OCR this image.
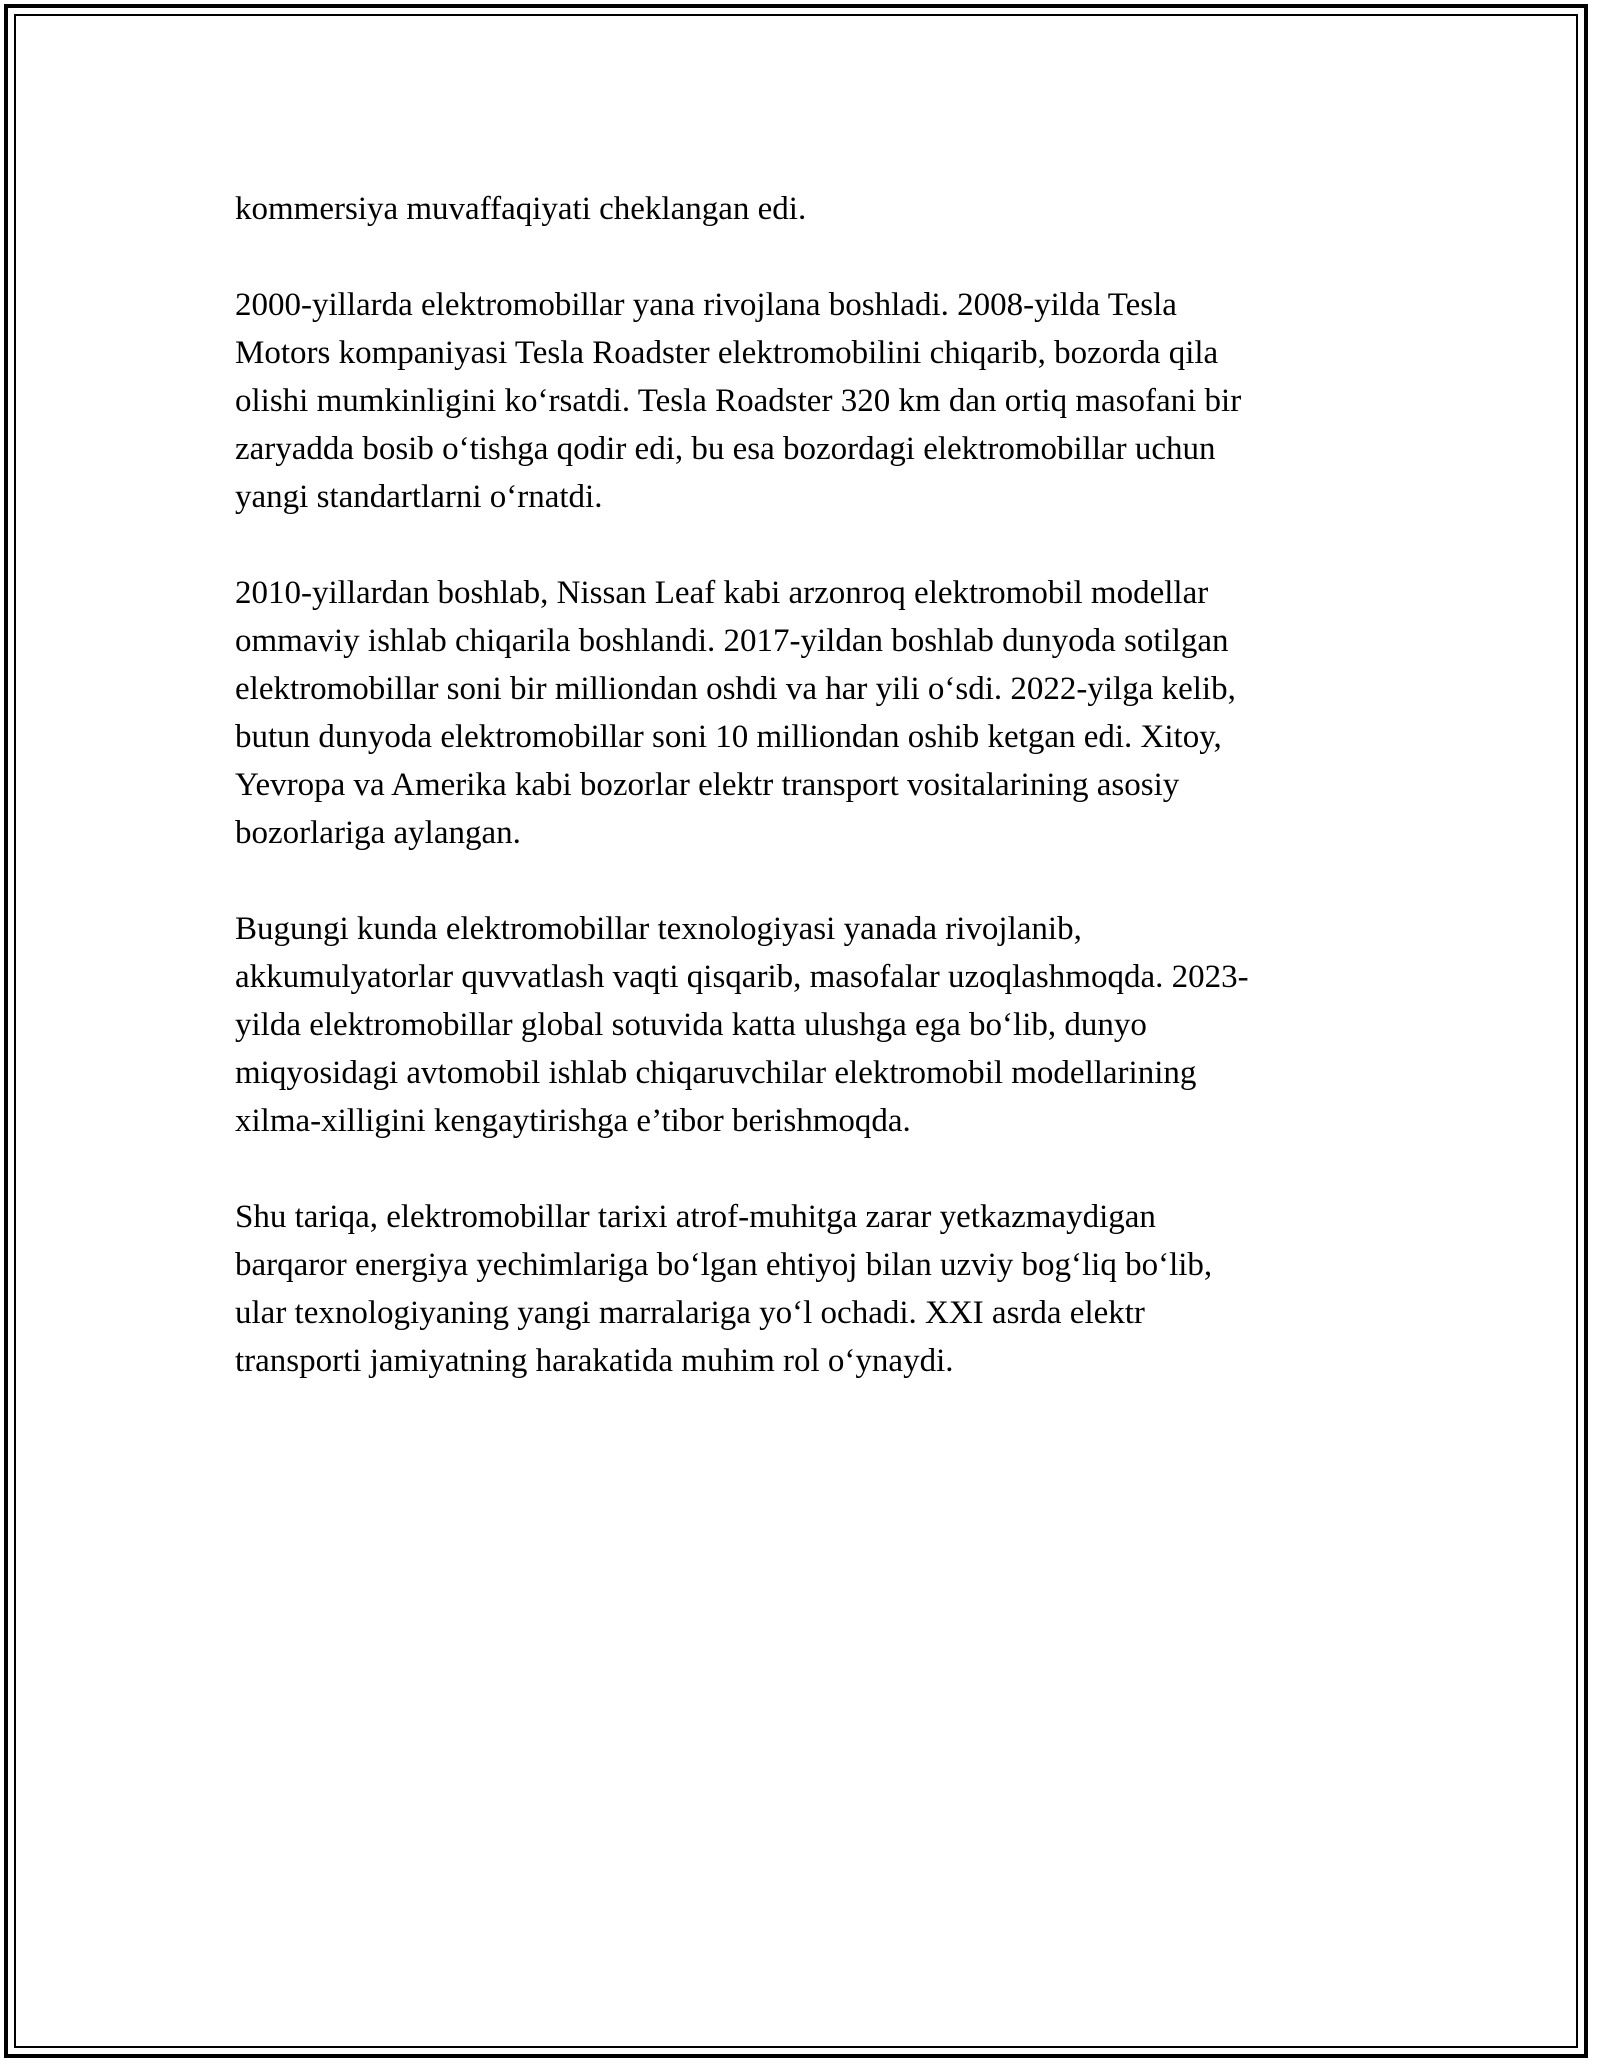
kommersiya muvaffaqiyati cheklangan edi.

2000-yillarda elektromobillar yana rivojlana boshladi. 2008-yilda Tesla
Motors kompaniyasi Tesla Roadster elektromobilini chiqarib, bozorda qila
olishi mumkinligini koʻrsatdi. Tesla Roadster 320 km dan ortiq masofani bir
zaryadda bosib oʻtishga qodir edi, bu esa bozordagi elektromobillar uchun
yangi standartlarni oʻrnatdi.

2010-yillardan boshlab, Nissan Leaf kabi arzonroq elektromobil modellar
ommaviy ishlab chiqarila boshlandi. 2017-yildan boshlab dunyoda sotilgan
elektromobillar soni bir milliondan oshdi va har yili oʻsdi. 2022-yilga kelib,
butun dunyoda elektromobillar soni 10 milliondan oshib ketgan edi. Xitoy,
Yevropa va Amerika kabi bozorlar elektr transport vositalarining asosiy
bozorlariga aylangan.

Bugungi kunda elektromobillar texnologiyasi yanada rivojlanib,
akkumulyatorlar quvvatlash vaqti qisqarib, masofalar uzoqlashmoqda. 2023-
yilda elektromobillar global sotuvida katta ulushga ega boʻlib, dunyo
miqyosidagi avtomobil ishlab chiqaruvchilar elektromobil modellarining
xilma-xilligini kengaytirishga e’tibor berishmoqda.

Shu tariqa, elektromobillar tarixi atrof-muhitga zarar yetkazmaydigan
barqaror energiya yechimlariga boʻlgan ehtiyoj bilan uzviy bogʻliq boʻlib,
ular texnologiyaning yangi marralariga yoʻl ochadi. XXI asrda elektr
transporti jamiyatning harakatida muhim rol oʻynaydi.
